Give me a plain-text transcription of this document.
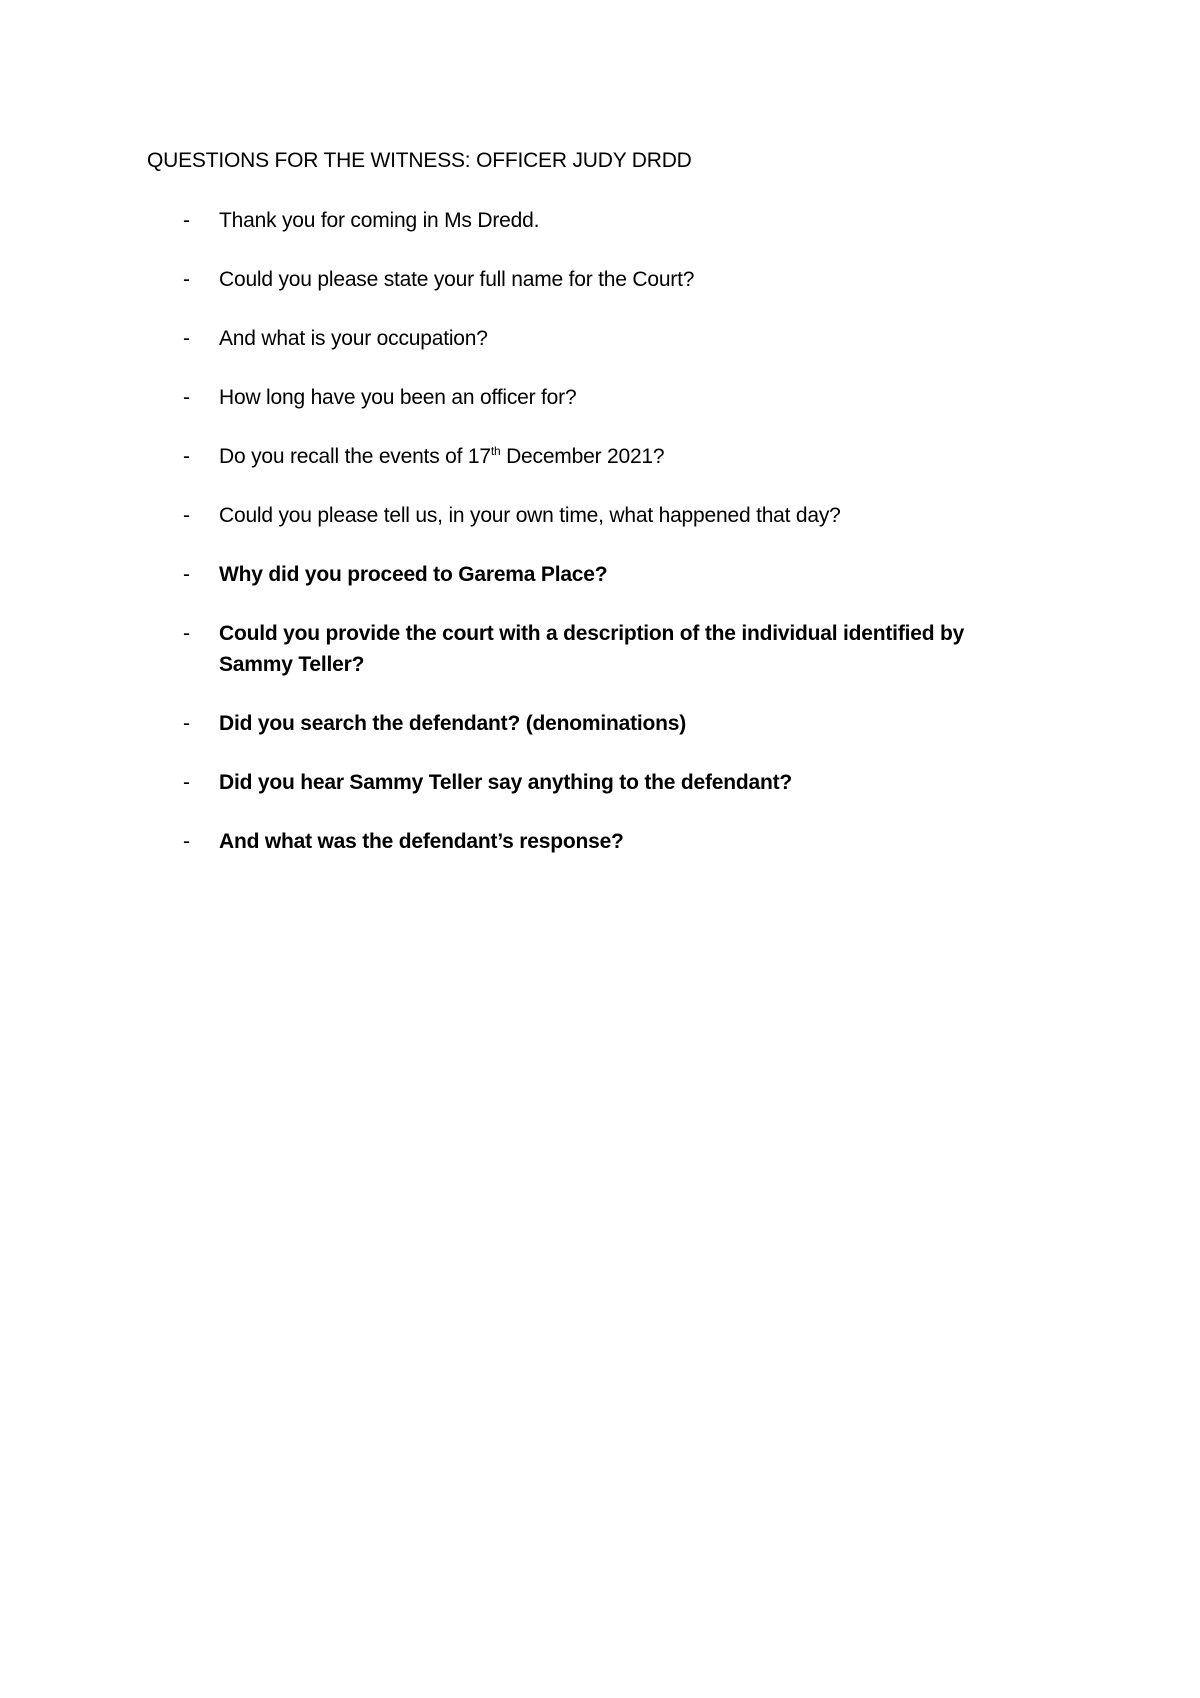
QUESTIONS FOR THE WITNESS: OFFICER JUDY DRDD

-	Thank you for coming in Ms Dredd.
-	Could you please state your full name for the Court?
-	And what is your occupation?
-	How long have you been an officer for?
-	Do you recall the events of 17th December 2021?
-	Could you please tell us, in your own time, what happened that day?
-	Why did you proceed to Garema Place?
-	Could you provide the court with a description of the individual identified by Sammy Teller?
-	Did you search the defendant? (denominations)
-	Did you hear Sammy Teller say anything to the defendant?
-	And what was the defendant’s response?
